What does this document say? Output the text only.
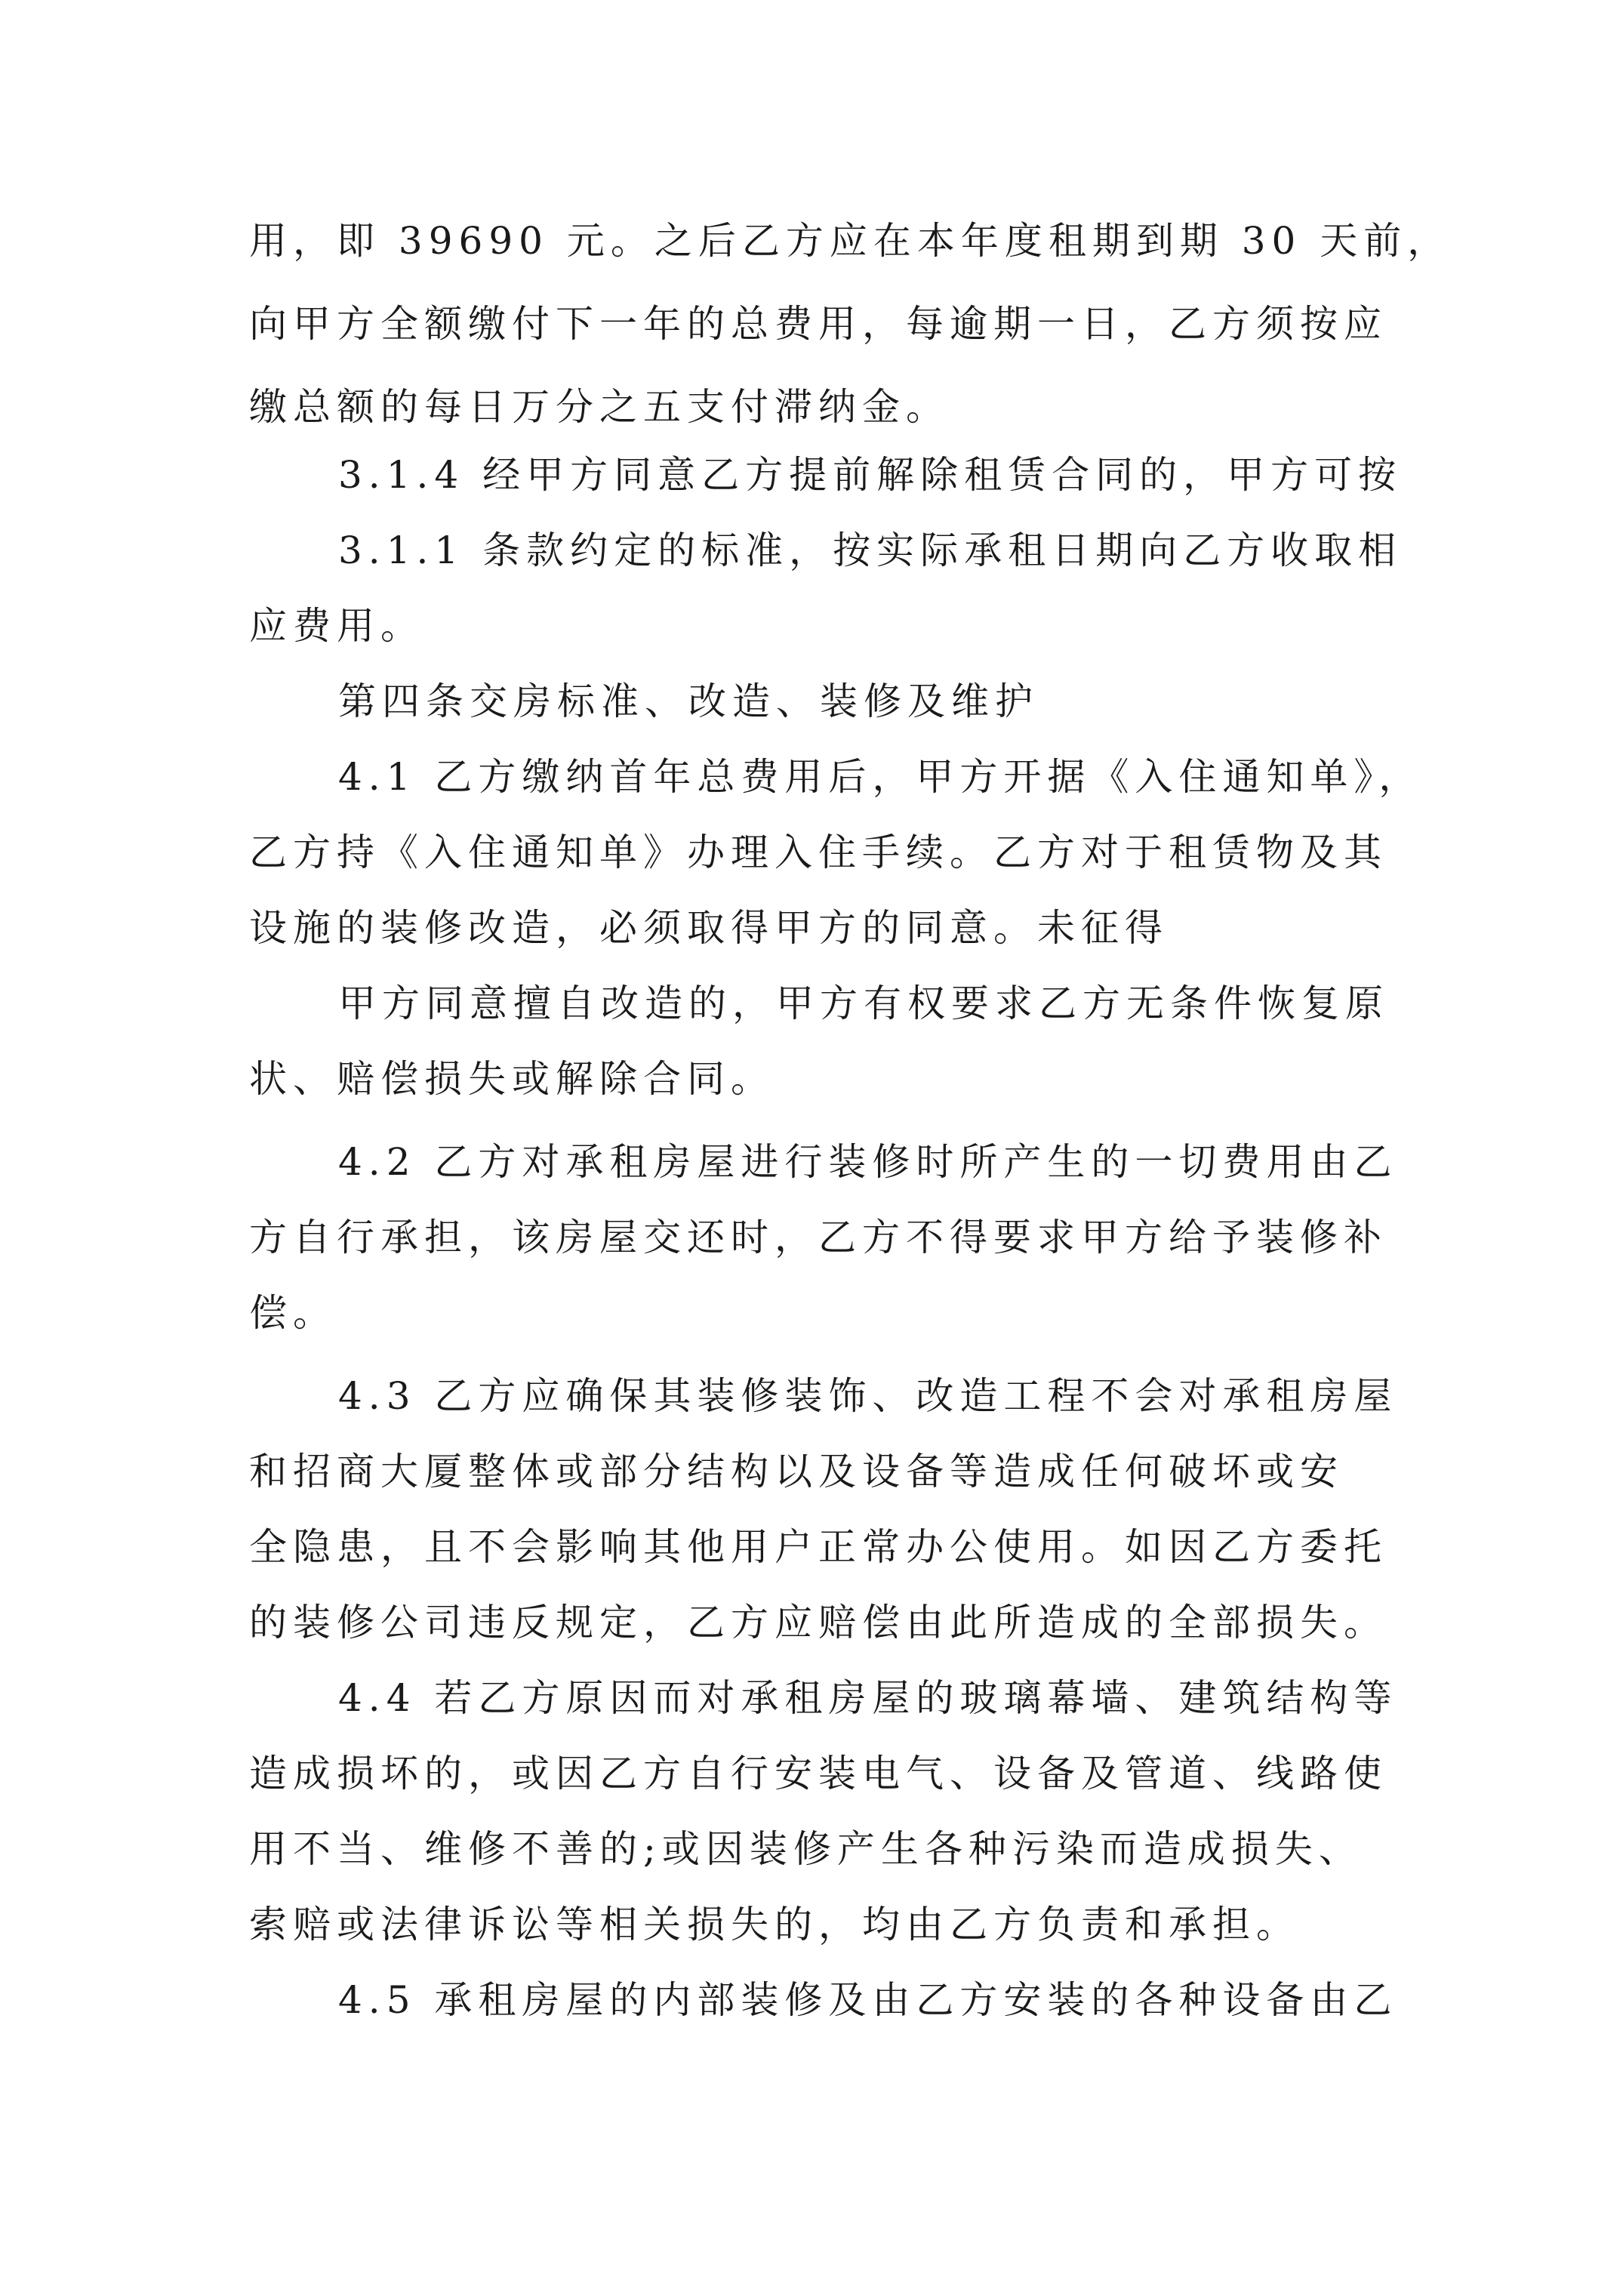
用，即 39690 元。之后乙方应在本年度租期到期 30 天前，

向甲方全额缴付下一年的总费用，每逾期一日，乙方须按应

缴总额的每日万分之五支付滞纳金。

3.1.4 经甲方同意乙方提前解除租赁合同的，甲方可按

3.1.1 条款约定的标准，按实际承租日期向乙方收取相

应费用。

第四条交房标准、改造、装修及维护

4.1 乙方缴纳首年总费用后，甲方开据《入住通知单》，

乙方持《入住通知单》办理入住手续。乙方对于租赁物及其

设施的装修改造，必须取得甲方的同意。未征得

甲方同意擅自改造的，甲方有权要求乙方无条件恢复原

状、赔偿损失或解除合同。

4.2 乙方对承租房屋进行装修时所产生的一切费用由乙

方自行承担，该房屋交还时，乙方不得要求甲方给予装修补

偿。

4.3 乙方应确保其装修装饰、改造工程不会对承租房屋

和招商大厦整体或部分结构以及设备等造成任何破坏或安

全隐患，且不会影响其他用户正常办公使用。如因乙方委托

的装修公司违反规定，乙方应赔偿由此所造成的全部损失。

4.4 若乙方原因而对承租房屋的玻璃幕墙、建筑结构等

造成损坏的，或因乙方自行安装电气、设备及管道、线路使

用不当、维修不善的;或因装修产生各种污染而造成损失、

索赔或法律诉讼等相关损失的，均由乙方负责和承担。

4.5 承租房屋的内部装修及由乙方安装的各种设备由乙
